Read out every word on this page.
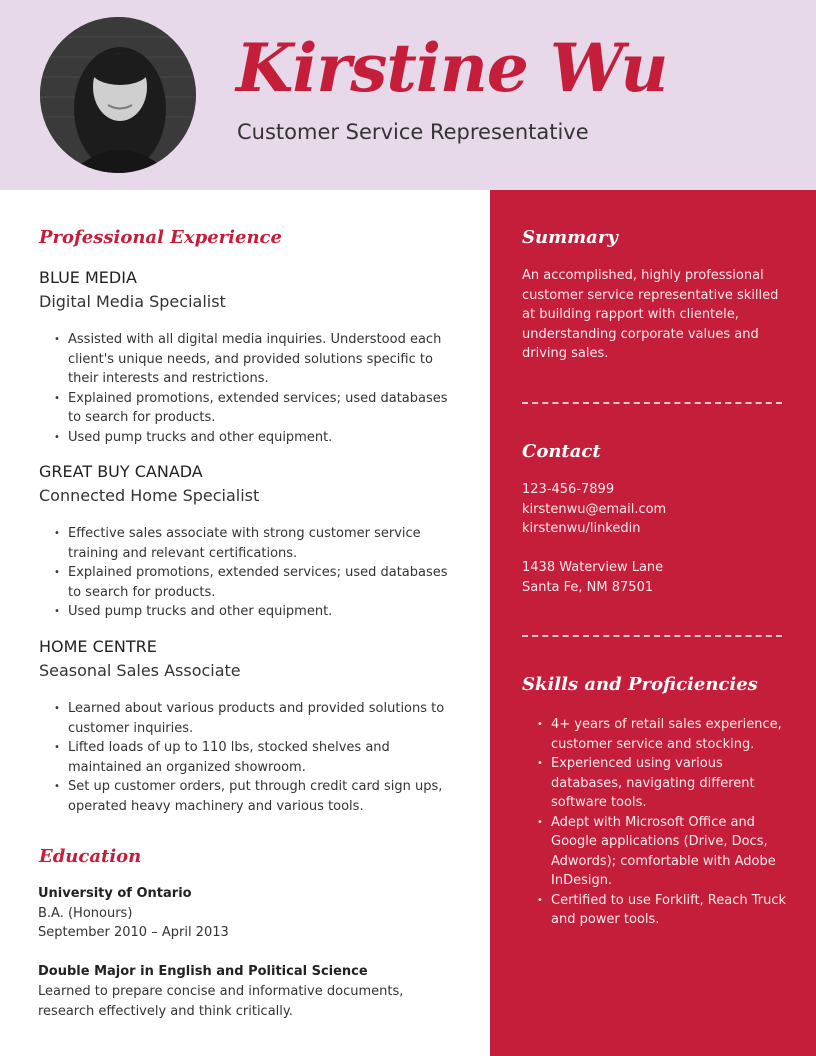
Kirstine Wu
Customer Service Representative
Professional Experience
BLUE MEDIA
Digital Media Specialist
• Assisted with all digital media inquiries. Understood each client's unique needs, and provided solutions specific to their interests and restrictions.
• Explained promotions, extended services; used databases to search for products.
• Used pump trucks and other equipment.
GREAT BUY CANADA
Connected Home Specialist
• Effective sales associate with strong customer service training and relevant certifications.
• Explained promotions, extended services; used databases to search for products.
• Used pump trucks and other equipment.
HOME CENTRE
Seasonal Sales Associate
• Learned about various products and provided solutions to customer inquiries.
• Lifted loads of up to 110 lbs, stocked shelves and maintained an organized showroom.
• Set up customer orders, put through credit card sign ups, operated heavy machinery and various tools.
Education
University of Ontario
B.A. (Honours)
September 2010 – April 2013
Double Major in English and Political Science
Learned to prepare concise and informative documents, research effectively and think critically.
Summary
An accomplished, highly professional customer service representative skilled at building rapport with clientele, understanding corporate values and driving sales.
Contact
123-456-7899
kirstenwu@email.com
kirstenwu/linkedin
1438 Waterview Lane
Santa Fe, NM 87501
Skills and Proficiencies
• 4+ years of retail sales experience, customer service and stocking.
• Experienced using various databases, navigating different software tools.
• Adept with Microsoft Office and Google applications (Drive, Docs, Adwords); comfortable with Adobe InDesign.
• Certified to use Forklift, Reach Truck and power tools.
